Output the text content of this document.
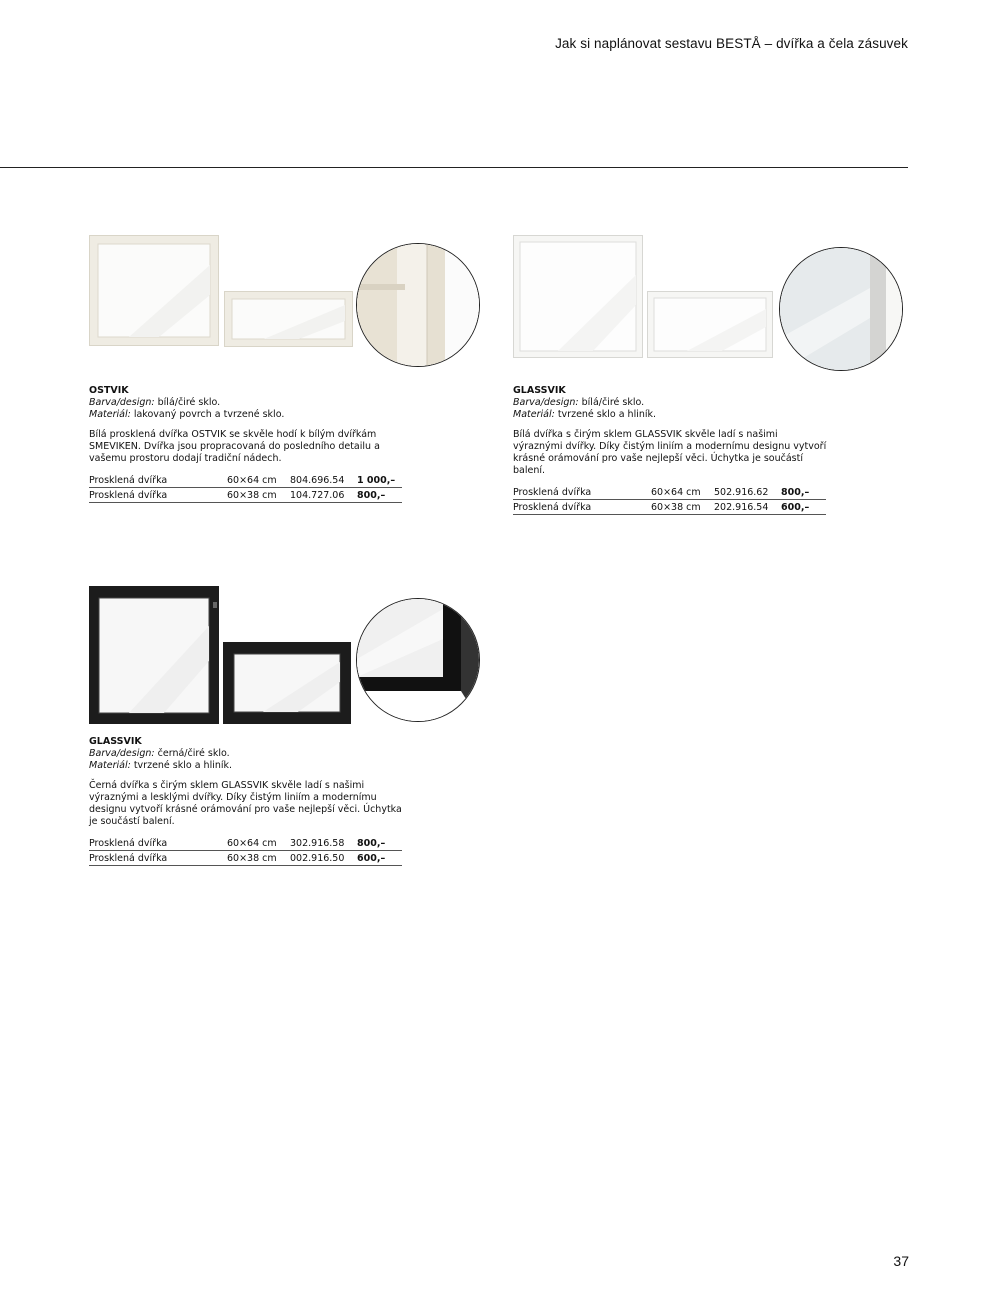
Jak si naplánovat sestavu BESTÅ – dvířka a čela zásuvek
OSTVIK
Barva/design: bílá/čiré sklo.
Materiál: lakovaný povrch a tvrzené sklo.
Bílá prosklená dvířka OSTVIK se skvěle hodí k bílým dvířkám SMEVIKEN. Dvířka jsou propracovaná do posledního detailu a vašemu prostoru dodají tradiční nádech.
Prosklená dvířka	60×64 cm	804.696.54	1 000,–
Prosklená dvířka	60×38 cm	104.727.06	800,–
GLASSVIK
Barva/design: bílá/čiré sklo.
Materiál: tvrzené sklo a hliník.
Bílá dvířka s čirým sklem GLASSVIK skvěle ladí s našimi výraznými dvířky. Díky čistým liniím a modernímu designu vytvoří krásné orámování pro vaše nejlepší věci. Úchytka je součástí balení.
Prosklená dvířka	60×64 cm	502.916.62	800,–
Prosklená dvířka	60×38 cm	202.916.54	600,–
GLASSVIK
Barva/design: černá/čiré sklo.
Materiál: tvrzené sklo a hliník.
Černá dvířka s čirým sklem GLASSVIK skvěle ladí s našimi výraznými a lesklými dvířky. Díky čistým liniím a modernímu designu vytvoří krásné orámování pro vaše nejlepší věci. Úchytka je součástí balení.
Prosklená dvířka	60×64 cm	302.916.58	800,–
Prosklená dvířka	60×38 cm	002.916.50	600,–
37
